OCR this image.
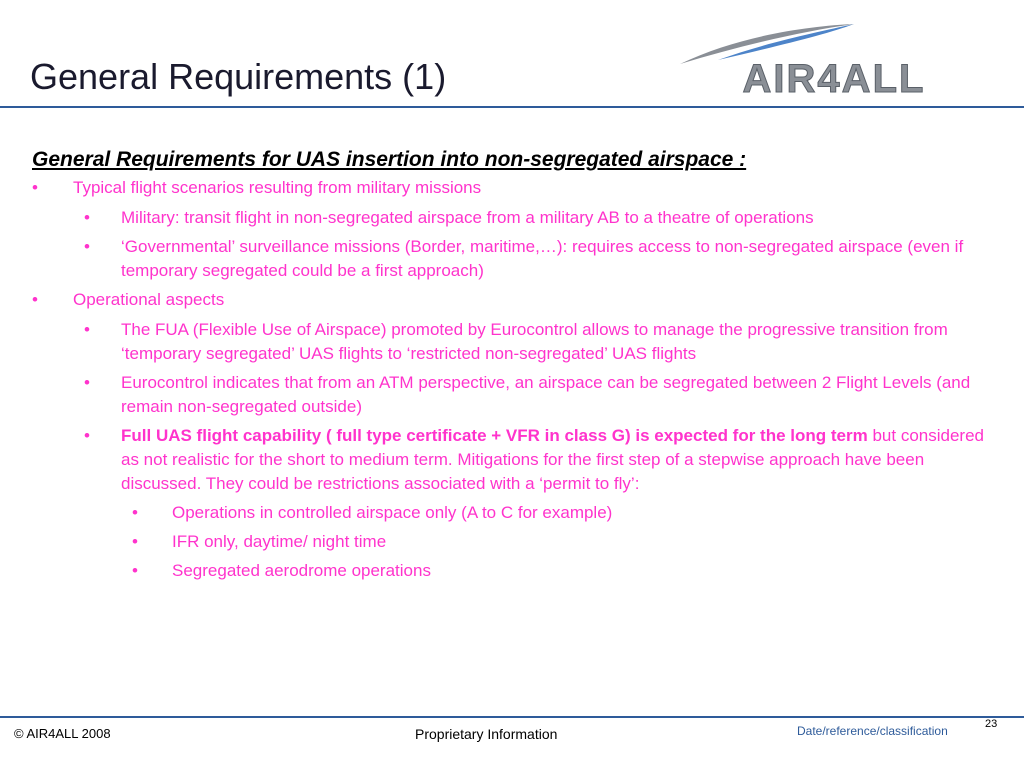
General Requirements (1)	AIR4ALL
General Requirements for UAS insertion into non-segregated airspace :
• Typical flight scenarios resulting from military missions
• Military: transit flight in non-segregated airspace from a military AB to a theatre of operations
• ‘Governmental’ surveillance missions (Border, maritime,…): requires access to non-segregated airspace (even if temporary segregated could be a first approach)
• Operational aspects
• The FUA (Flexible Use of Airspace) promoted by Eurocontrol allows to manage the progressive transition from ‘temporary segregated’ UAS flights to ‘restricted non-segregated’ UAS flights
• Eurocontrol indicates that from an ATM perspective, an airspace can be segregated between 2 Flight Levels (and remain non-segregated outside)
• Full UAS flight capability ( full type certificate + VFR in class G) is expected for the long term but considered as not realistic for the short to medium term. Mitigations for the first step of a stepwise approach have been discussed. They could be restrictions associated with a ‘permit to fly’:
• Operations in controlled airspace only (A to C for example)
• IFR only, daytime/ night time
• Segregated aerodrome operations
© AIR4ALL 2008	Proprietary Information	Date/reference/classification	23
